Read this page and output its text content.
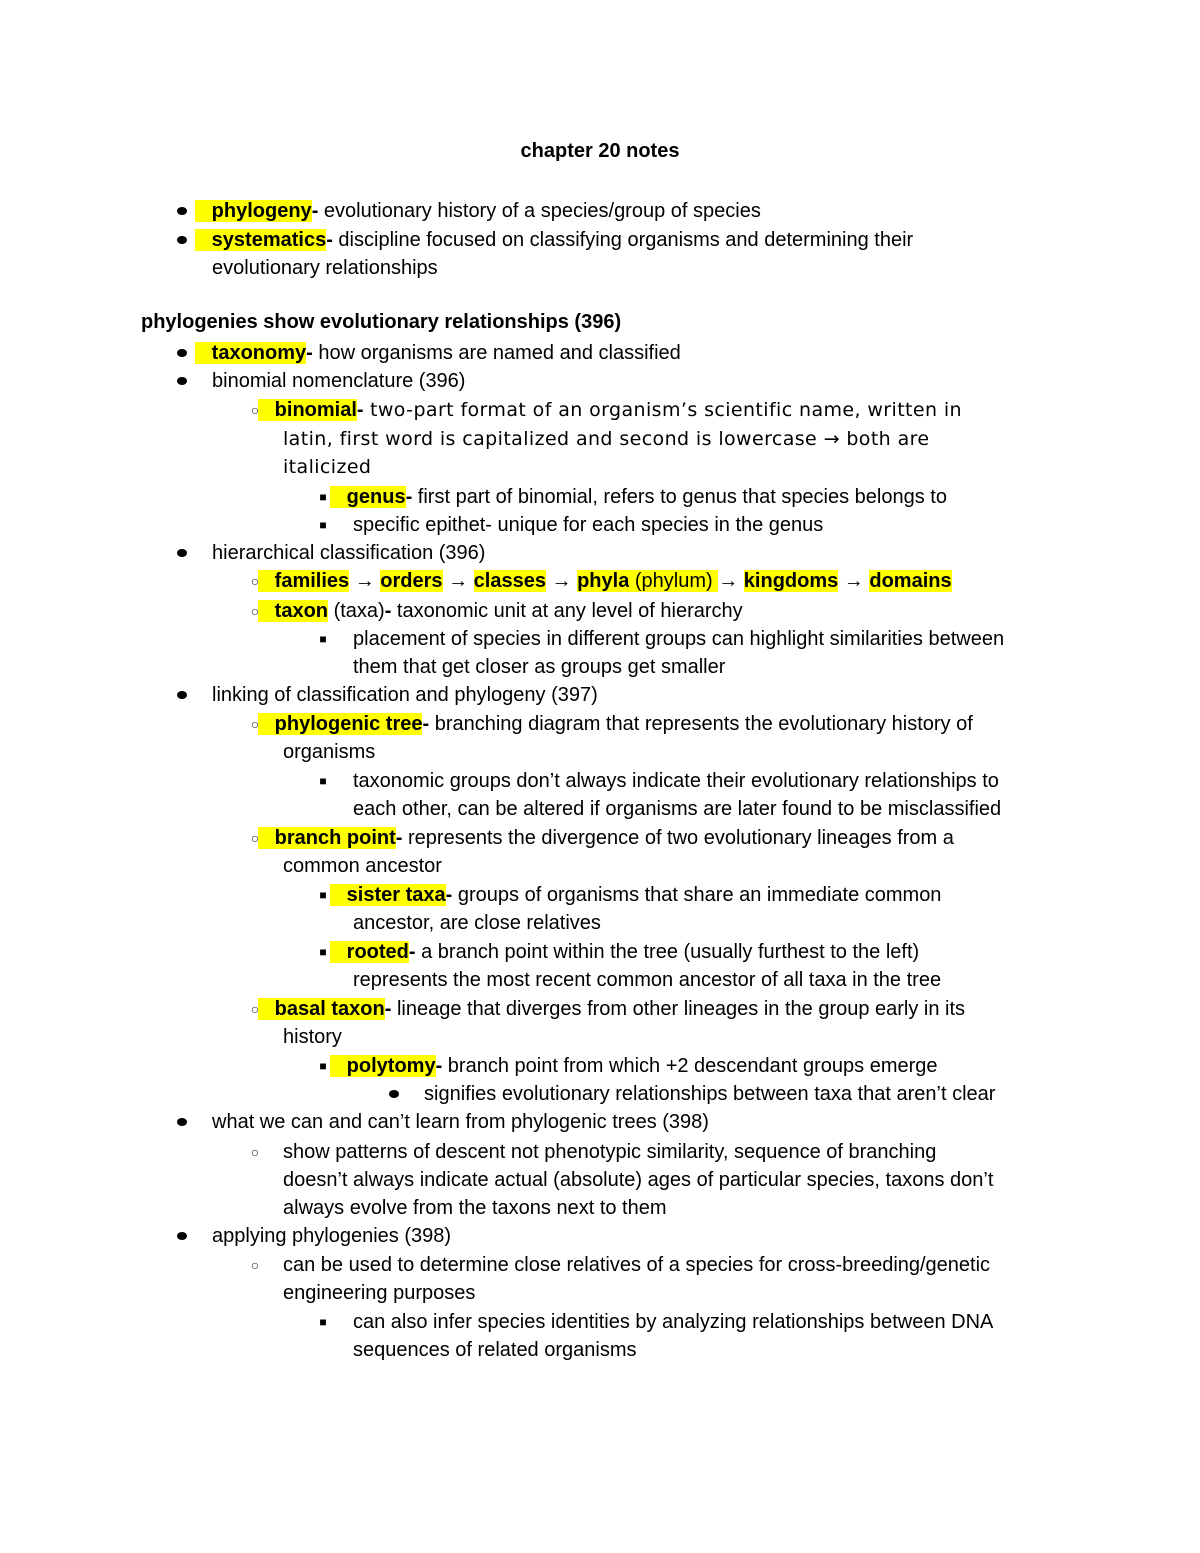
chapter 20 notes
phylogeny- evolutionary history of a species/group of species
systematics- discipline focused on classifying organisms and determining their
evolutionary relationships
phylogenies show evolutionary relationships (396)
taxonomy- how organisms are named and classified
binomial nomenclature (396)
○ binomial- two-part format of an organism’s scientific name, written in
latin, first word is capitalized and second is lowercase → both are
italicized
■	genus- first part of binomial, refers to genus that species belongs to
■	specific epithet- unique for each species in the genus
hierarchical classification (396)
○ families → orders → classes → phyla (phylum) → kingdoms → domains
○ taxon (taxa)- taxonomic unit at any level of hierarchy
■	placement of species in different groups can highlight similarities between
them that get closer as groups get smaller
linking of classification and phylogeny (397)
○ phylogenic tree- branching diagram that represents the evolutionary history of
organisms
■	taxonomic groups don’t always indicate their evolutionary relationships to
each other, can be altered if organisms are later found to be misclassified
○ branch point- represents the divergence of two evolutionary lineages from a
common ancestor
■	sister taxa- groups of organisms that share an immediate common
ancestor, are close relatives
■	rooted- a branch point within the tree (usually furthest to the left)
represents the most recent common ancestor of all taxa in the tree
○ basal taxon- lineage that diverges from other lineages in the group early in its
history
■	polytomy- branch point from which +2 descendant groups emerge
signifies evolutionary relationships between taxa that aren’t clear
what we can and can’t learn from phylogenic trees (398)
○	show patterns of descent not phenotypic similarity, sequence of branching
doesn’t always indicate actual (absolute) ages of particular species, taxons don’t
always evolve from the taxons next to them
applying phylogenies (398)
○	can be used to determine close relatives of a species for cross-breeding/genetic
engineering purposes
■	can also infer species identities by analyzing relationships between DNA
sequences of related organisms
